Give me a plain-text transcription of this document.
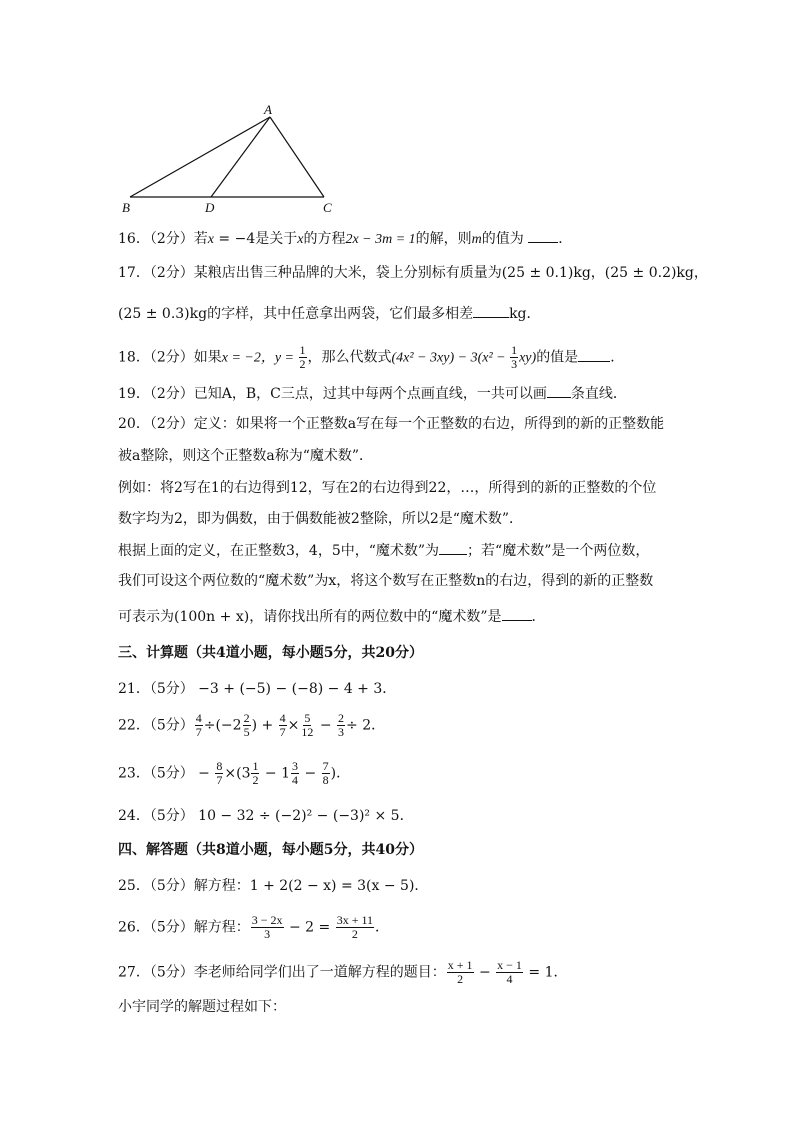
A
B	D	C
16．（2分）若x = −4是关于x的方程2x − 3m = 1的解，则m的值为 ．
17．（2分）某粮店出售三种品牌的大米，袋上分别标有质量为(25 ± 0.1)kg，(25 ± 0.2)kg，
(25 ± 0.3)kg的字样，其中任意拿出两袋，它们最多相差	kg．
18．（2分）如果x = −2，$y = \frac{1}{2}$ ，那么代数式$(4x^2 - 3xy) - 3(x^2 - \frac{1}{3} xy)$的值是 ．
19．（2分）已知A，B，C三点，过其中每两个点画直线，一共可以画 条直线．
20．（2分）定义：如果将一个正整数a写在每一个正整数的右边，所得到的新的正整数能
被a整除，则这个正整数a称为“魔术数”．
例如：将2写在1的右边得到12，写在2的右边得到22，…，所得到的新的正整数的个位
数字均为2，即为偶数，由于偶数能被2整除，所以2是“魔术数”．
根据上面的定义，在正整数3，4，5中，“魔术数”为 ；若“魔术数”是一个两位数，
我们可设这个两位数的“魔术数”为x，将这个数写在正整数n的右边，得到的新的正整数
可表示为(100n + x)，请你找出所有的两位数中的“魔术数”是 ．
三、计算题（共4道小题，每小题5分，共20分）
21．（5分） −3 + (−5) − (−8) − 4 + 3．
22．（5分） $\frac{4}{7} \div(-2 \frac{2}{5}$ ) + $\frac{4}{7} \times \frac{5}{12} - \frac{2}{3} \div 2$．
23．（5分） − $\frac{8}{7} \times(3 \frac{1}{2} - 1 \frac{3}{4} - \frac{7}{8}$ )．
24．（5分） 10 − 32 ÷ (−2)² − (−3)² × 5．
四、解答题（共8道小题，每小题5分，共40分）
25．（5分）解方程：1 + 2(2 − x) = 3(x − 5)．
26．（5分）解方程： $\frac{3 - 2x}{3} - 2 = \frac{3x + 11}{2}$ ．
27．（5分）李老师给同学们出了一道解方程的题目： $\frac{x + 1}{2} - \frac{x - 1}{4} = 1$．
小宇同学的解题过程如下：
